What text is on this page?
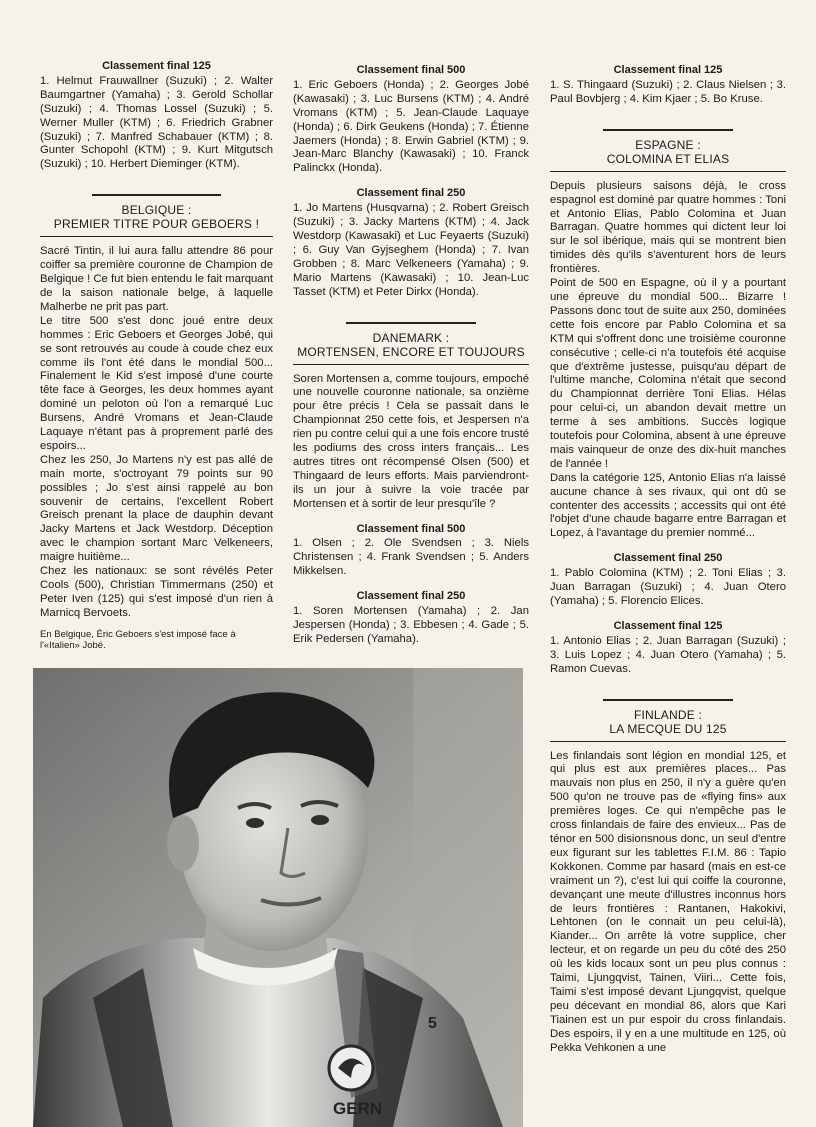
Classement final 125

1. Helmut Frauwallner (Suzuki) ; 2. Walter Baumgartner (Yamaha) ; 3. Gerold Schollar (Suzuki) ; 4. Thomas Lossel (Suzuki) ; 5. Werner Muller (KTM) ; 6. Friedrich Grabner (Suzuki) ; 7. Manfred Schabauer (KTM) ; 8. Gunter Schopohl (KTM) ; 9. Kurt Mitgutsch (Suzuki) ; 10. Herbert Dieminger (KTM).

BELGIQUE :
PREMIER TITRE POUR GEBOERS !

Sacré Tintin, il lui aura fallu attendre 86 pour coiffer sa première couronne de Champion de Belgique ! Ce fut bien entendu le fait marquant de la saison nationale belge, à laquelle Malherbe ne prit pas part.

Le titre 500 s'est donc joué entre deux hommes : Eric Geboers et Georges Jobé, qui se sont retrouvés au coude à coude chez eux comme ils l'ont été dans le mondial 500... Finalement le Kid s'est imposé d'une courte tête face à Georges, les deux hommes ayant dominé un peloton où l'on a remarqué Luc Bursens, André Vromans et Jean-Claude Laquaye n'étant pas à proprement parlé des espoirs...

Chez les 250, Jo Martens n'y est pas allé de main morte, s'octroyant 79 points sur 90 possibles ; Jo s'est ainsi rappelé au bon souvenir de certains, l'excellent Robert Greisch prenant la place de dauphin devant Jacky Martens et Jack Westdorp. Déception avec le champion sortant Marc Velkeneers, maigre huitième...

Chez les nationaux: se sont révélés Peter Cools (500), Christian Timmermans (250) et Peter Iven (125) qui s'est imposé d'un rien à Marnicq Bervoets.

En Belgique, Éric Geboers s'est imposé face à l'«Italien» Jobé.
Classement final 500

1. Eric Geboers (Honda) ; 2. Georges Jobé (Kawasaki) ; 3. Luc Bursens (KTM) ; 4. André Vromans (KTM) ; 5. Jean-Claude Laquaye (Honda) ; 6. Dirk Geukens (Honda) ; 7. Étienne Jaemers (Honda) ; 8. Erwin Gabriel (KTM) ; 9. Jean-Marc Blanchy (Kawasaki) ; 10. Franck Palinckx (Honda).

Classement final 250

1. Jo Martens (Husqvarna) ; 2. Robert Greisch (Suzuki) ; 3. Jacky Martens (KTM) ; 4. Jack Westdorp (Kawasaki) et Luc Feyaerts (Suzuki) ; 6. Guy Van Gyjseghem (Honda) ; 7. Ivan Grobben ; 8. Marc Velkeneers (Yamaha) ; 9. Mario Martens (Kawasaki) ; 10. Jean-Luc Tasset (KTM) et Peter Dirkx (Honda).

DANEMARK :
MORTENSEN, ENCORE ET TOUJOURS

Soren Mortensen a, comme toujours, empoché une nouvelle couronne nationale, sa onzième pour être précis ! Cela se passait dans le Championnat 250 cette fois, et Jespersen n'a rien pu contre celui qui a une fois encore trusté les podiums des cross inters français... Les autres titres ont récompensé Olsen (500) et Thingaard de leurs efforts. Mais parviendront-ils un jour à suivre la voie tracée par Mortensen et à sortir de leur presqu'île ?

Classement final 500

1. Olsen ; 2. Ole Svendsen ; 3. Niels Christensen ; 4. Frank Svendsen ; 5. Anders Mikkelsen.

Classement final 250

1. Soren Mortensen (Yamaha) ; 2. Jan Jespersen (Honda) ; 3. Ebbesen ; 4. Gade ; 5. Erik Pedersen (Yamaha).

Classement final 125

1. S. Thingaard (Suzuki) ; 2. Claus Nielsen ; 3. Paul Bovbjerg ; 4. Kim Kjaer ; 5. Bo Kruse.

ESPAGNE :
COLOMINA ET ELIAS

Depuis plusieurs saisons déjà, le cross espagnol est dominé par quatre hommes : Toni et Antonio Elias, Pablo Colomina et Juan Barragan. Quatre hommes qui dictent leur loi sur le sol ibérique, mais qui se montrent bien timides dès qu'ils s'aventurent hors de leurs frontières.

Point de 500 en Espagne, où il y a pourtant une épreuve du mondial 500... Bizarre ! Passons donc tout de suite aux 250, dominées cette fois encore par Pablo Colomina et sa KTM qui s'offrent donc une troisième couronne consécutive ; celle-ci n'a toutefois été acquise que d'extrême justesse, puisqu'au départ de l'ultime manche, Colomina n'était que second du Championnat derrière Toni Elias. Hélas pour celui-ci, un abandon devait mettre un terme à ses ambitions. Succès logique toutefois pour Colomina, absent à une épreuve mais vainqueur de onze des dix-huit manches de l'année !

Dans la catégorie 125, Antonio Elias n'a laissé aucune chance à ses rivaux, qui ont dû se contenter des accessits ; accessits qui ont été l'objet d'une chaude bagarre entre Barragan et Lopez, à l'avantage du premier nommé...

Classement final 250

1. Pablo Colomina (KTM) ; 2. Toni Elias ; 3. Juan Barragan (Suzuki) ; 4. Juan Otero (Yamaha) ; 5. Florencio Elices.

Classement final 125

1. Antonio Elias ; 2. Juan Barragan (Suzuki) ; 3. Luis Lopez ; 4. Juan Otero (Yamaha) ; 5. Ramon Cuevas.

FINLANDE :
LA MECQUE DU 125

Les finlandais sont légion en mondial 125, et qui plus est aux premières places... Pas mauvais non plus en 250, il n'y a guère qu'en 500 qu'on ne trouve pas de «flying fins» aux premières loges. Ce qui n'empêche pas le cross finlandais de faire des envieux... Pas de ténor en 500 disionsnous donc, un seul d'entre eux figurant sur les tablettes F.I.M. 86 : Tapio Kokkonen. Comme par hasard (mais en est-ce vraiment un ?), c'est lui qui coiffe la couronne, devançant une meute d'illustres inconnus hors de leurs frontières : Rantanen, Hakokivi, Lehtonen (on le connait un peu celui-là), Kiander... On arrête là votre supplice, cher lecteur, et on regarde un peu du côté des 250 où les kids locaux sont un peu plus connus : Taimi, Ljungqvist, Tainen, Viiri... Cette fois, Taimi s'est imposé devant Ljungqvist, quelque peu décevant en mondial 86, alors que Kari Tiainen est un pur espoir du cross finlandais. Des espoirs, il y en a une multitude en 125, où Pekka Vehkonen a une

GERN
5
